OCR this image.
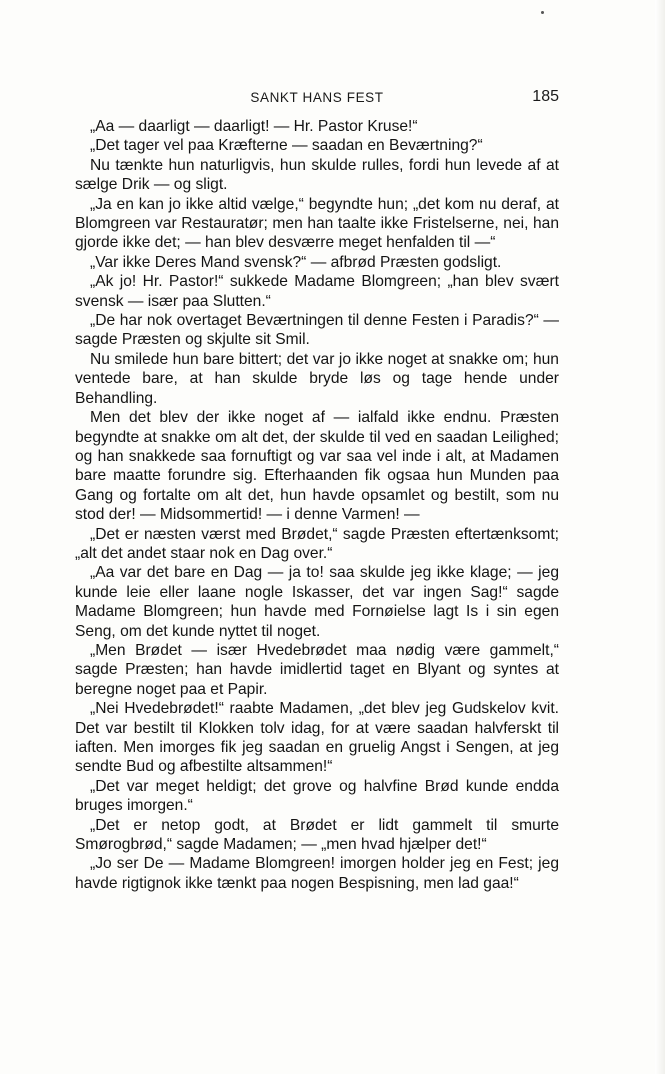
SANKT HANS FEST	185

„Aa — daarligt — daarligt! — Hr. Pastor Kruse!“

„Det tager vel paa Kræfterne — saadan en Beværtning?“

Nu tænkte hun naturligvis, hun skulde rulles, fordi hun levede af at sælge Drik — og sligt.

„Ja en kan jo ikke altid vælge,“ begyndte hun; „det kom nu deraf, at Blomgreen var Restauratør; men han taalte ikke Fristelserne, nei, han gjorde ikke det; — han blev desværre meget henfalden til —“

„Var ikke Deres Mand svensk?“ — afbrød Præsten godsligt.

„Ak jo! Hr. Pastor!“ sukkede Madame Blomgreen; „han blev svært svensk — især paa Slutten.“

„De har nok overtaget Beværtningen til denne Festen i Paradis?“ — sagde Præsten og skjulte sit Smil.

Nu smilede hun bare bittert; det var jo ikke noget at snakke om; hun ventede bare, at han skulde bryde løs og tage hende under Behandling.

Men det blev der ikke noget af — ialfald ikke endnu. Præsten begyndte at snakke om alt det, der skulde til ved en saadan Leilighed; og han snakkede saa fornuftigt og var saa vel inde i alt, at Madamen bare maatte forundre sig. Efterhaanden fik ogsaa hun Munden paa Gang og fortalte om alt det, hun havde opsamlet og bestilt, som nu stod der! — Midsommertid! — i denne Varmen! —

„Det er næsten værst med Brødet,“ sagde Præsten eftertænksomt; „alt det andet staar nok en Dag over.“

„Aa var det bare en Dag — ja to! saa skulde jeg ikke klage; — jeg kunde leie eller laane nogle Iskasser, det var ingen Sag!“ sagde Madame Blomgreen; hun havde med Fornøielse lagt Is i sin egen Seng, om det kunde nyttet til noget.

„Men Brødet — især Hvedebrødet maa nødig være gammelt,“ sagde Præsten; han havde imidlertid taget en Blyant og syntes at beregne noget paa et Papir.

„Nei Hvedebrødet!“ raabte Madamen, „det blev jeg Gudskelov kvit. Det var bestilt til Klokken tolv idag, for at være saadan halvferskt til iaften. Men imorges fik jeg saadan en gruelig Angst i Sengen, at jeg sendte Bud og afbestilte altsammen!“

„Det var meget heldigt; det grove og halvfine Brød kunde endda bruges imorgen.“

„Det er netop godt, at Brødet er lidt gammelt til smurte Smørogbrød,“ sagde Madamen; — „men hvad hjælper det!“

„Jo ser De — Madame Blomgreen! imorgen holder jeg en Fest; jeg havde rigtignok ikke tænkt paa nogen Bespisning, men lad gaa!“
